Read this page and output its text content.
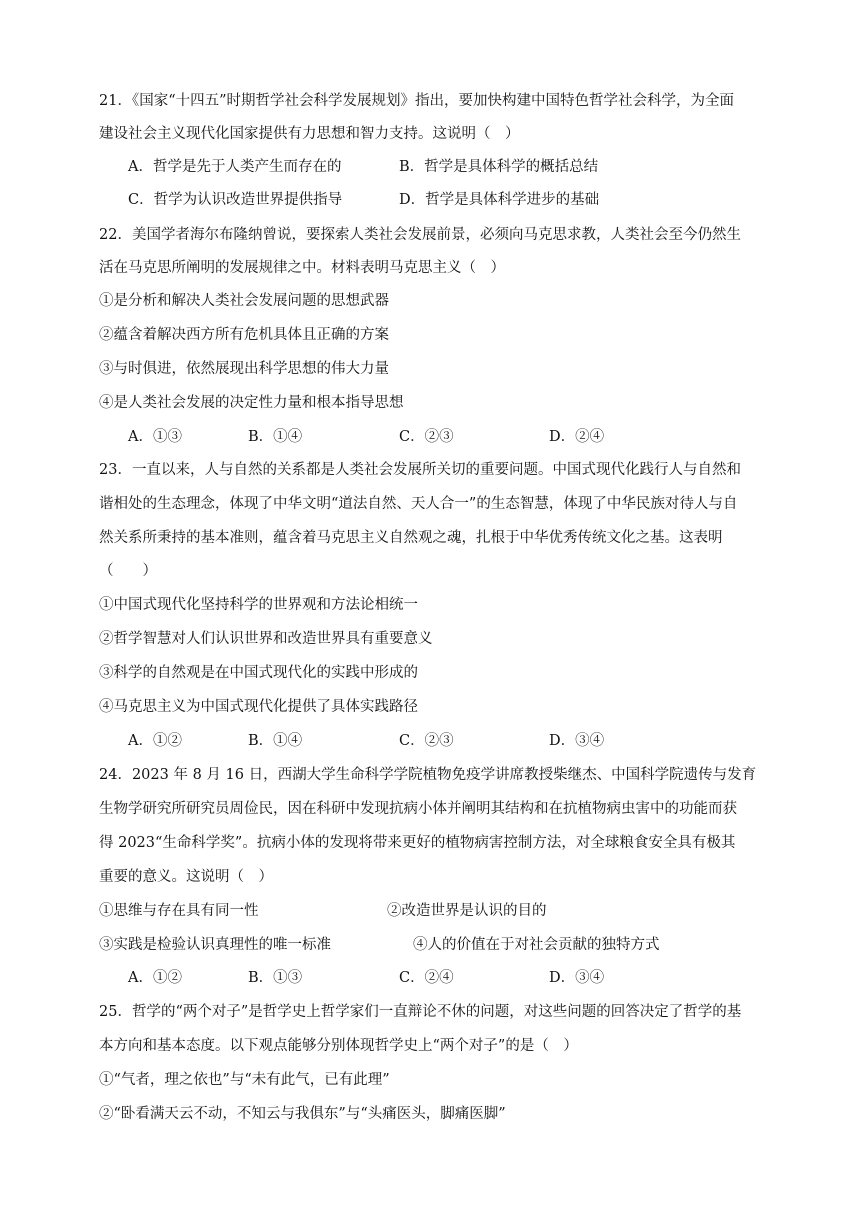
21．《国家“十四五”时期哲学社会科学发展规划》指出，要加快构建中国特色哲学社会科学，为全面
建设社会主义现代化国家提供有力思想和智力支持。这说明（　）
A．哲学是先于人类产生而存在的	B．哲学是具体科学的概括总结
C．哲学为认识改造世界提供指导	D．哲学是具体科学进步的基础
22．美国学者海尔布隆纳曾说，要探索人类社会发展前景，必须向马克思求教，人类社会至今仍然生
活在马克思所阐明的发展规律之中。材料表明马克思主义（　）
①是分析和解决人类社会发展问题的思想武器
②蕴含着解决西方所有危机具体且正确的方案
③与时俱进，依然展现出科学思想的伟大力量
④是人类社会发展的决定性力量和根本指导思想
A．①③	B．①④	C．②③	D．②④
23．一直以来，人与自然的关系都是人类社会发展所关切的重要问题。中国式现代化践行人与自然和
谐相处的生态理念，体现了中华文明“道法自然、天人合一”的生态智慧，体现了中华民族对待人与自
然关系所秉持的基本准则，蕴含着马克思主义自然观之魂，扎根于中华优秀传统文化之基。这表明
（　　）
①中国式现代化坚持科学的世界观和方法论相统一
②哲学智慧对人们认识世界和改造世界具有重要意义
③科学的自然观是在中国式现代化的实践中形成的
④马克思主义为中国式现代化提供了具体实践路径
A．①②	B．①④	C．②③	D．③④
24．2023 年 8 月 16 日，西湖大学生命科学学院植物免疫学讲席教授柴继杰、中国科学院遗传与发育
生物学研究所研究员周俭民，因在科研中发现抗病小体并阐明其结构和在抗植物病虫害中的功能而获
得 2023“生命科学奖”。抗病小体的发现将带来更好的植物病害控制方法，对全球粮食安全具有极其
重要的意义。这说明（　）
①思维与存在具有同一性	②改造世界是认识的目的
③实践是检验认识真理性的唯一标准	④人的价值在于对社会贡献的独特方式
A．①②	B．①③	C．②④	D．③④
25．哲学的“两个对子”是哲学史上哲学家们一直辩论不休的问题，对这些问题的回答决定了哲学的基
本方向和基本态度。以下观点能够分别体现哲学史上“两个对子”的是（　）
①“气者，理之依也”与“未有此气，已有此理”
②“卧看满天云不动，不知云与我俱东”与“头痛医头，脚痛医脚”
